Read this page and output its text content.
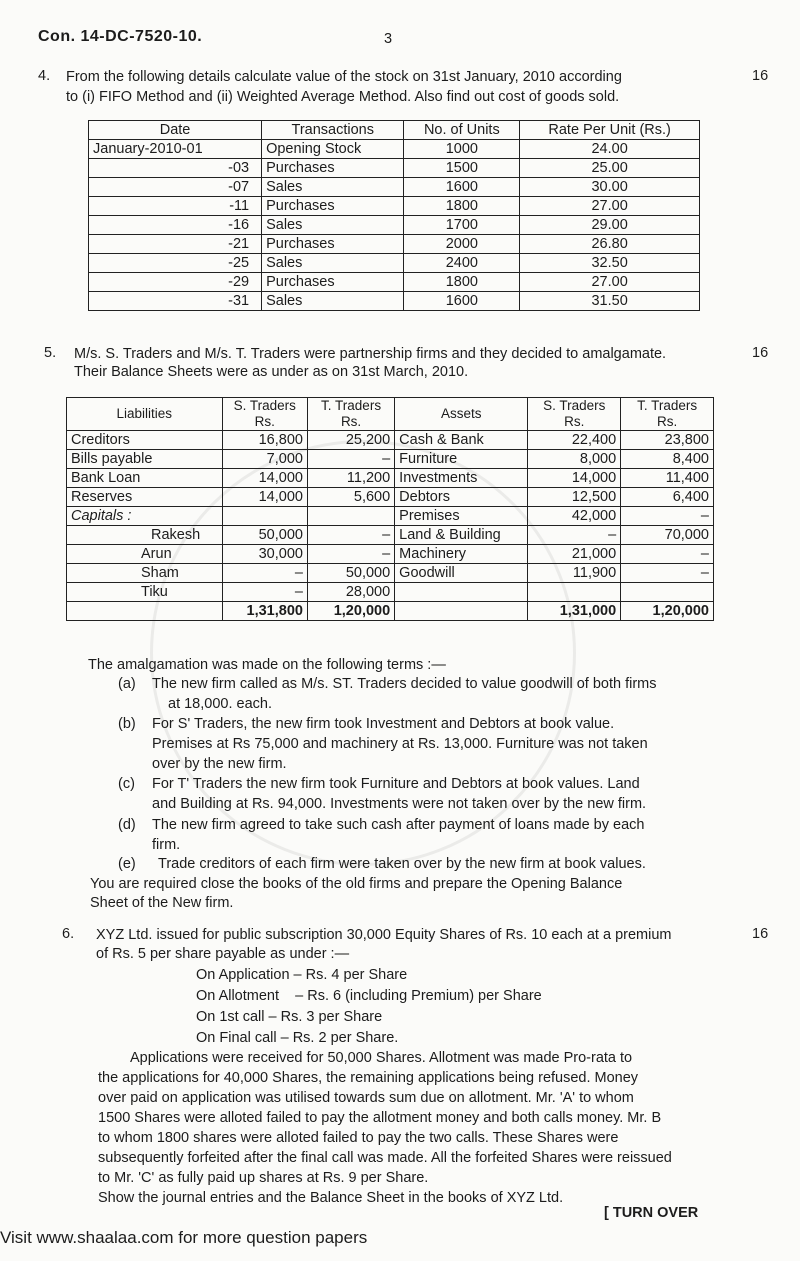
Con. 14-DC-7520-10.	3
4. From the following details calculate value of the stock on 31st January, 2010 according
to (i) FIFO Method and (ii) Weighted Average Method. Also find out cost of goods sold.
16
Date	Transactions	No. of Units	Rate Per Unit (Rs.)
January-2010-01	Opening Stock	1000	24.00
-03	Purchases	1500	25.00
-07	Sales	1600	30.00
-11	Purchases	1800	27.00
-16	Sales	1700	29.00
-21	Purchases	2000	26.80
-25	Sales	2400	32.50
-29	Purchases	1800	27.00
-31	Sales	1600	31.50
5. M/s. S. Traders and M/s. T. Traders were partnership firms and they decided to amalgamate.
Their Balance Sheets were as under as on 31st March, 2010.
16
Liabilities	S. Traders Rs.	T. Traders Rs.	Assets	S. Traders Rs.	T. Traders Rs.
Creditors	16,800	25,200	Cash & Bank	22,400	23,800
Bills payable	7,000	–	Furniture	8,000	8,400
Bank Loan	14,000	11,200	Investments	14,000	11,400
Reserves	14,000	5,600	Debtors	12,500	6,400
Capitals :			Premises	42,000	–
Rakesh	50,000	–	Land & Building	–	70,000
Arun	30,000	–	Machinery	21,000	–
Sham	–	50,000	Goodwill	11,900	–
Tiku	–	28,000			
	1,31,800	1,20,000		1,31,000	1,20,000
The amalgamation was made on the following terms :—
(a) The new firm called as M/s. ST. Traders decided to value goodwill of both firms
at 18,000. each.
(b) For S' Traders, the new firm took Investment and Debtors at book value.
Premises at Rs 75,000 and machinery at Rs. 13,000. Furniture was not taken
over by the new firm.
(c) For T' Traders the new firm took Furniture and Debtors at book values. Land
and Building at Rs. 94,000. Investments were not taken over by the new firm.
(d) The new firm agreed to take such cash after payment of loans made by each
firm.
(e) Trade creditors of each firm were taken over by the new firm at book values.
You are required close the books of the old firms and prepare the Opening Balance
Sheet of the New firm.
6. XYZ Ltd. issued for public subscription 30,000 Equity Shares of Rs. 10 each at a premium
of Rs. 5 per share payable as under :—
16
On Application – Rs. 4 per Share
On Allotment    – Rs. 6 (including Premium) per Share
On 1st call – Rs. 3 per Share
On Final call – Rs. 2 per Share.
Applications were received for 50,000 Shares. Allotment was made Pro-rata to
the applications for 40,000 Shares, the remaining applications being refused. Money
over paid on application was utilised towards sum due on allotment. Mr. 'A' to whom
1500 Shares were alloted failed to pay the allotment money and both calls money. Mr. B
to whom 1800 shares were alloted failed to pay the two calls. These Shares were
subsequently forfeited after the final call was made. All the forfeited Shares were reissued
to Mr. 'C' as fully paid up shares at Rs. 9 per Share.
Show the journal entries and the Balance Sheet in the books of XYZ Ltd.
[ TURN OVER
Visit www.shaalaa.com for more question papers
